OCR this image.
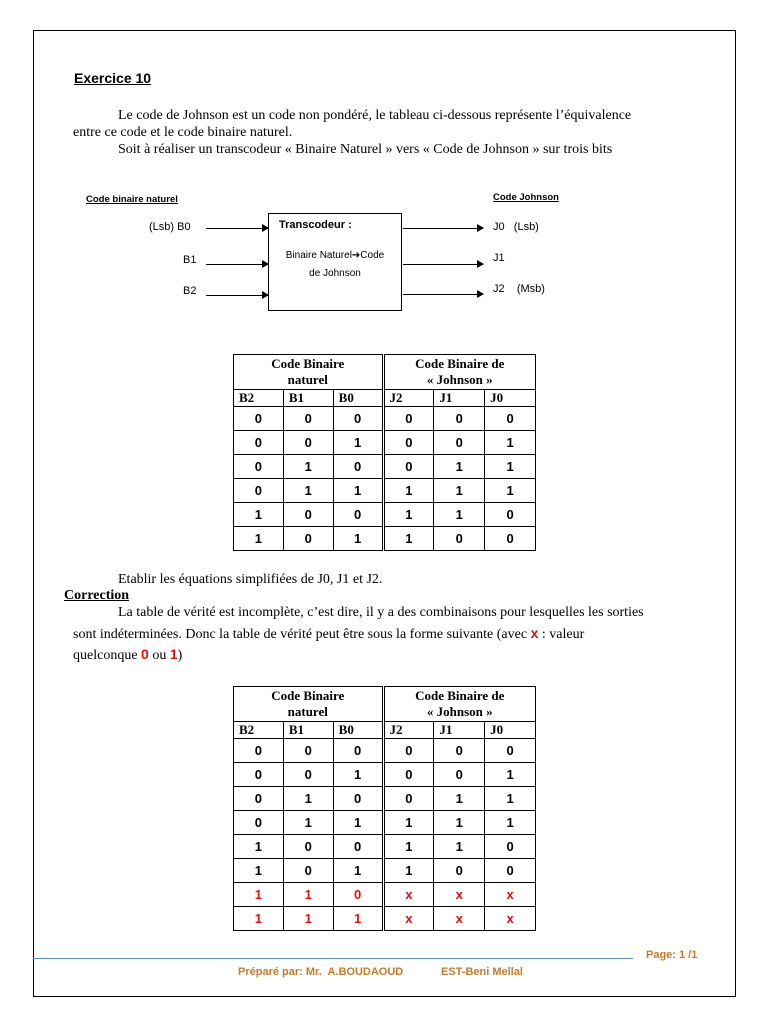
Exercice 10
Le code de Johnson est un code non pondéré, le tableau ci-dessous représente l’équivalence
entre ce code et le code binaire naturel.
Soit à réaliser un transcodeur « Binaire Naturel » vers « Code de Johnson » sur trois bits
Code binaire naturel	Code Johnson
Transcodeur :
Binaire Naturel➔Code
de Johnson
(Lsb) B0
B1
B2
J0   (Lsb)
J1
J2    (Msb)
Code Binaire
naturel			Code Binaire de
« Johnson »		
B2	B1	B0	J2	J1	J0
0	0	0	0	0	0
0	0	1	0	0	1
0	1	0	0	1	1
0	1	1	1	1	1
1	0	0	1	1	0
1	0	1	1	0	0
Etablir les équations simplifiées de J0, J1 et J2.
Correction
La table de vérité est incomplète, c’est dire, il y a des combinaisons pour lesquelles les sorties
sont indéterminées. Donc la table de vérité peut être sous la forme suivante (avec x : valeur
quelconque 0 ou 1)
Code Binaire
naturel			Code Binaire de
« Johnson »		
B2	B1	B0	J2	J1	J0
0	0	0	0	0	0
0	0	1	0	0	1
0	1	0	0	1	1
0	1	1	1	1	1
1	0	0	1	1	0
1	0	1	1	0	0
1	1	0	x	x	x
1	1	1	x	x	x
Page: 1 /1
Préparé par: Mr.  A.BOUDAOUD	EST-Beni Mellal
